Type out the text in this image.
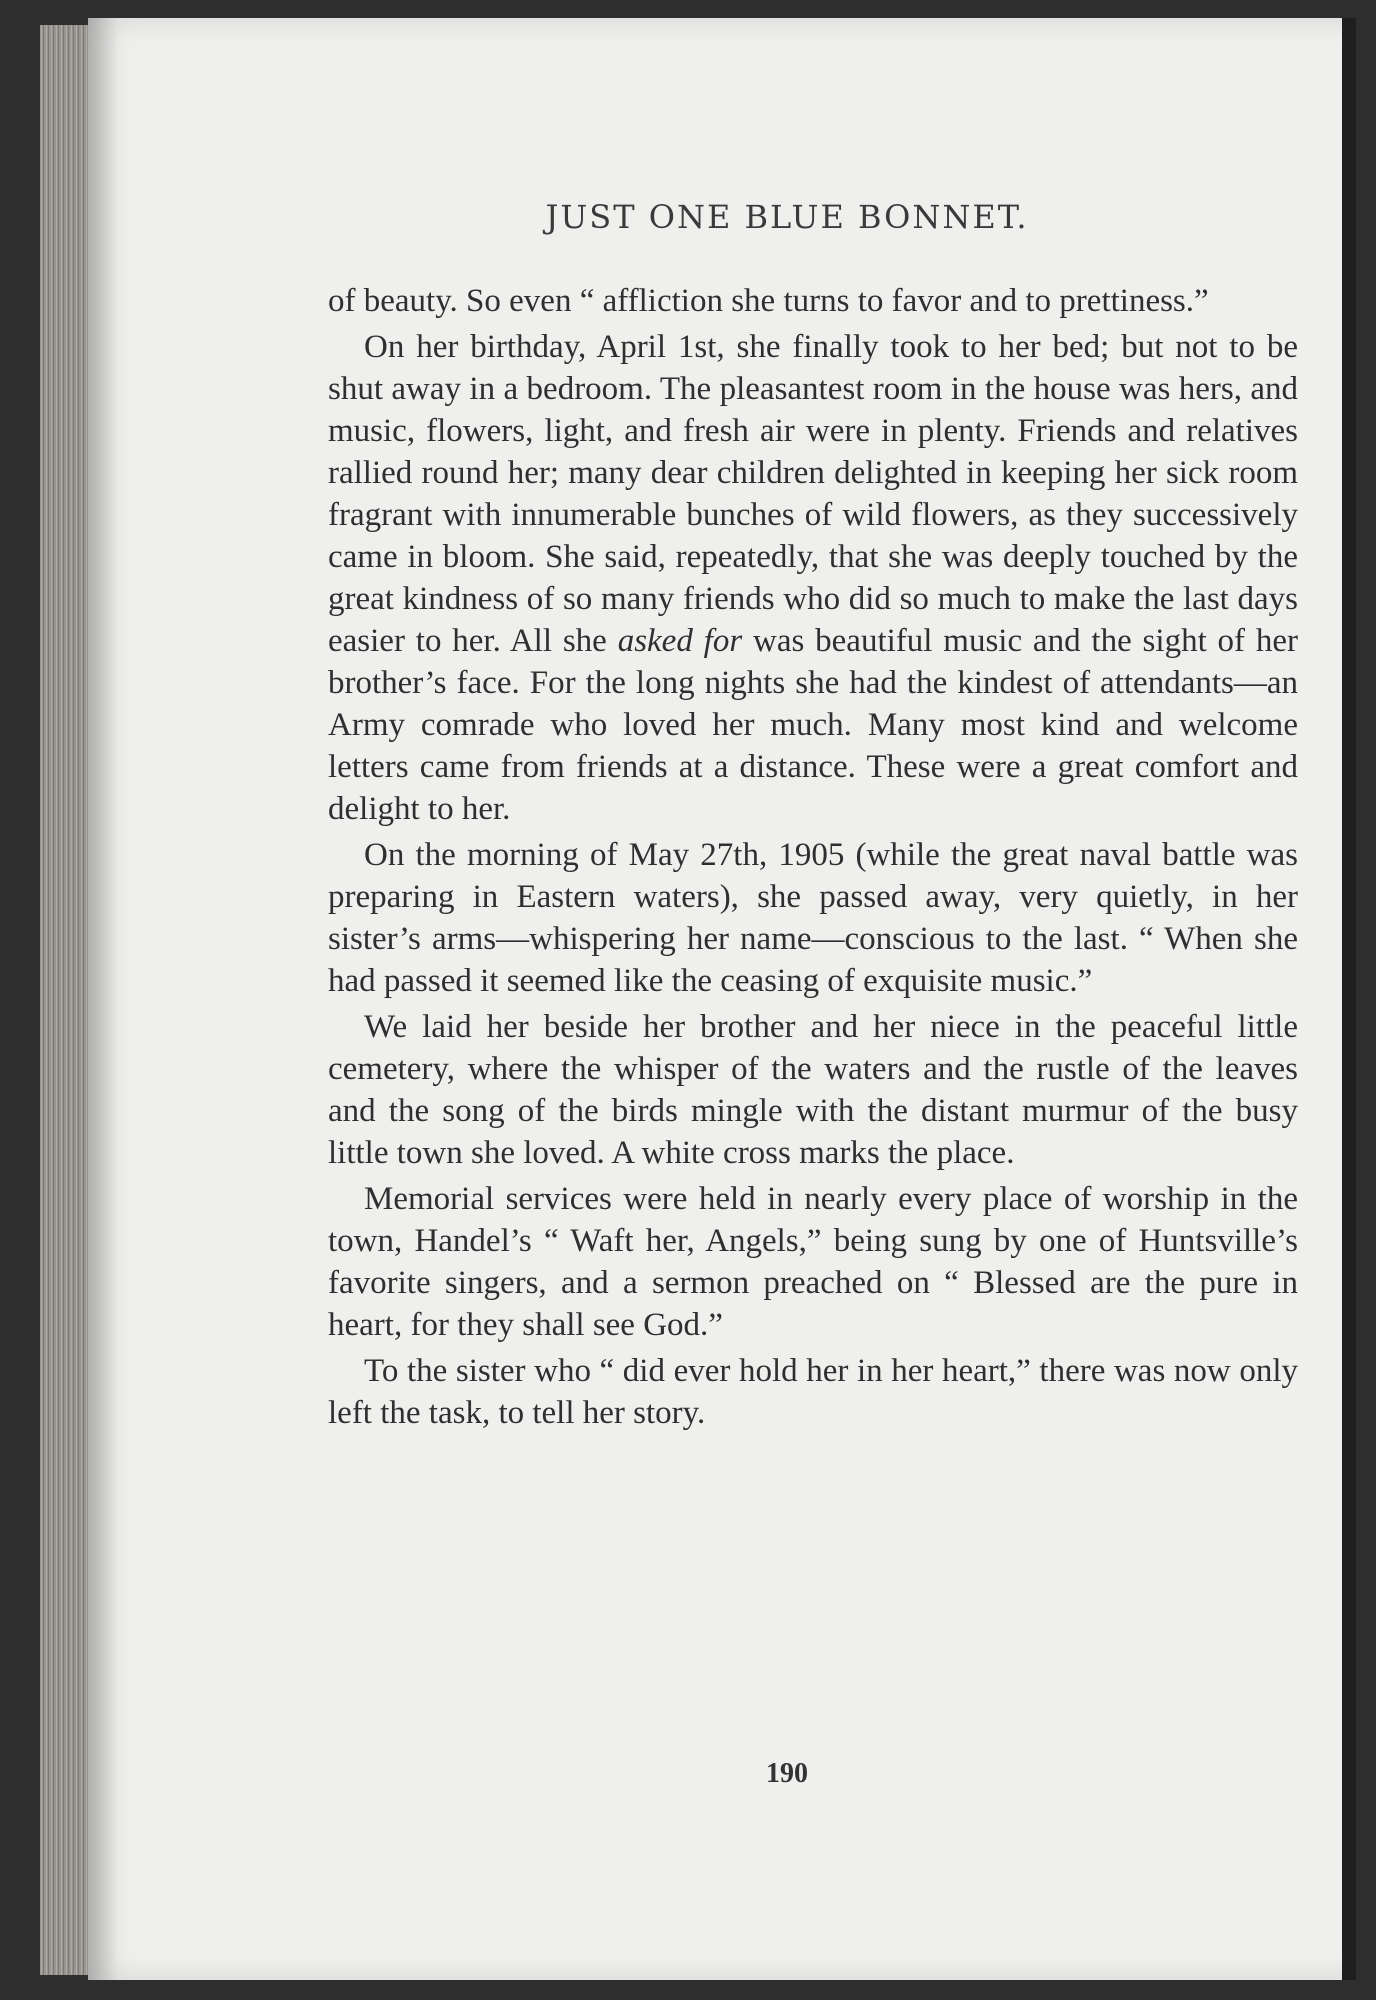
JUST ONE BLUE BONNET.

of beauty. So even “ affliction she turns to favor and to prettiness.”

On her birthday, April 1st, she finally took to her bed; but not to be shut away in a bedroom. The pleasantest room in the house was hers, and music, flowers, light, and fresh air were in plenty. Friends and relatives rallied round her; many dear children delighted in keeping her sick room fragrant with innumerable bunches of wild flowers, as they successively came in bloom. She said, repeatedly, that she was deeply touched by the great kindness of so many friends who did so much to make the last days easier to her. All she asked for was beautiful music and the sight of her brother’s face. For the long nights she had the kindest of attendants—an Army comrade who loved her much. Many most kind and welcome letters came from friends at a distance. These were a great comfort and delight to her.

On the morning of May 27th, 1905 (while the great naval battle was preparing in Eastern waters), she passed away, very quietly, in her sister’s arms—whispering her name—conscious to the last. “ When she had passed it seemed like the ceasing of exquisite music.”

We laid her beside her brother and her niece in the peaceful little cemetery, where the whisper of the waters and the rustle of the leaves and the song of the birds mingle with the distant murmur of the busy little town she loved. A white cross marks the place.

Memorial services were held in nearly every place of worship in the town, Handel’s “ Waft her, Angels,” being sung by one of Huntsville’s favorite singers, and a sermon preached on “ Blessed are the pure in heart, for they shall see God.”

To the sister who “ did ever hold her in her heart,” there was now only left the task, to tell her story.

190
